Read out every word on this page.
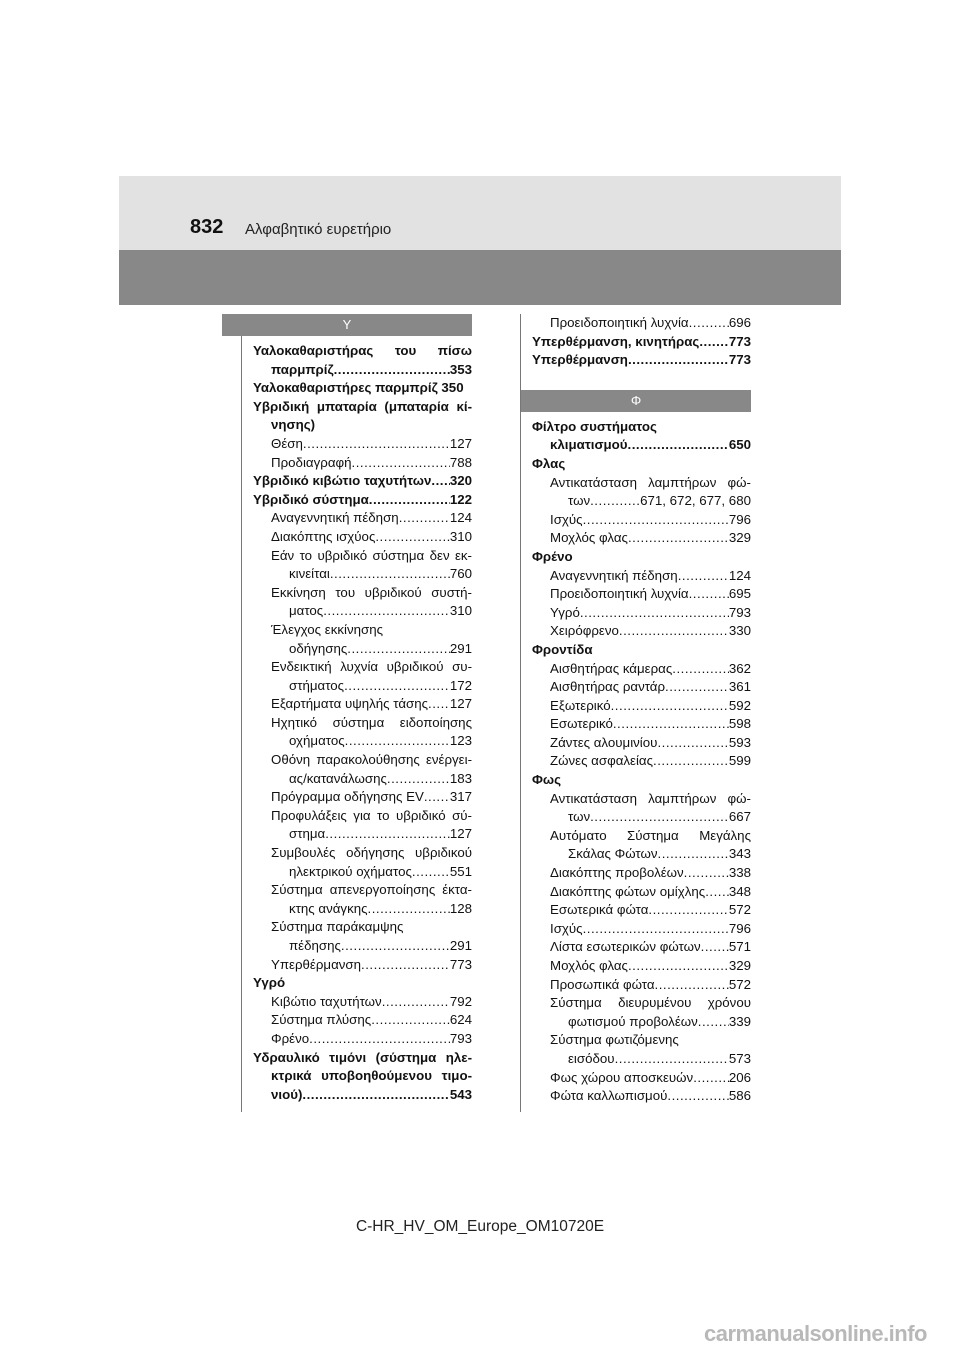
832 Αλφαβητικό ευρετήριο
Υ
Υαλοκαθαριστήρας του πίσω
παρμπρίζ .....	353
Υαλοκαθαριστήρες παρμπρίζ 350
Υβριδική μπαταρία (μπαταρία κί-
νησης)
Θέση .....	127
Προδιαγραφή .....	788
Υβριδικό κιβώτιο ταχυτήτων ..... 320
Υβριδικό σύστημα .....	122
Αναγεννητική πέδηση .....	124
Διακόπτης ισχύος .....	310
Εάν το υβριδικό σύστημα δεν εκ-
κινείται .....	760
Εκκίνηση του υβριδικού συστή-
ματος .....	310
Έλεγχος εκκίνησης
οδήγησης .....	291
Ενδεικτική λυχνία υβριδικού συ-
στήματος .....	172
Εξαρτήματα υψηλής τάσης ..... 127
Ηχητικό σύστημα ειδοποίησης
οχήματος .....	123
Οθόνη παρακολούθησης ενέργει-
ας/κατανάλωσης .....	183
Πρόγραμμα οδήγησης EV ..... 317
Προφυλάξεις για το υβριδικό σύ-
στημα .....	127
Συμβουλές οδήγησης υβριδικού
ηλεκτρικού οχήματος .....	551
Σύστημα απενεργοποίησης έκτα-
κτης ανάγκης .....	128
Σύστημα παράκαμψης
πέδησης .....	291
Υπερθέρμανση .....	773
Υγρό
Κιβώτιο ταχυτήτων .....	792
Σύστημα πλύσης .....	624
Φρένο .....	793
Υδραυλικό τιμόνι (σύστημα ηλε-
κτρικά υποβοηθούμενου τιμο-
νιού) .....	543
Προειδοποιητική λυχνία .....	696
Υπερθέρμανση, κινητήρας ..... 773
Υπερθέρμανση .....	773
Φ
Φίλτρο συστήματος
κλιματισμού .....	650
Φλας
Αντικατάσταση λαμπτήρων φώ-
των .....	671, 672, 677, 680
Ισχύς .....	796
Μοχλός φλας .....	329
Φρένο
Αναγεννητική πέδηση .....	124
Προειδοποιητική λυχνία .....	695
Υγρό .....	793
Χειρόφρενο .....	330
Φροντίδα
Αισθητήρας κάμερας .....	362
Αισθητήρας ραντάρ .....	361
Εξωτερικό .....	592
Εσωτερικό .....	598
Ζάντες αλουμινίου .....	593
Ζώνες ασφαλείας .....	599
Φως
Αντικατάσταση λαμπτήρων φώ-
των .....	667
Αυτόματο Σύστημα Μεγάλης
Σκάλας Φώτων .....	343
Διακόπτης προβολέων .....	338
Διακόπτης φώτων ομίχλης ..... 348
Εσωτερικά φώτα .....	572
Ισχύς .....	796
Λίστα εσωτερικών φώτων ..... 571
Μοχλός φλας .....	329
Προσωπικά φώτα .....	572
Σύστημα διευρυμένου χρόνου
φωτισμού προβολέων ..... 339
Σύστημα φωτιζόμενης
εισόδου .....	573
Φως χώρου αποσκευών .....	206
Φώτα καλλωπισμού .....	586
C-HR_HV_OM_Europe_OM10720E
carmanualsonline.info
